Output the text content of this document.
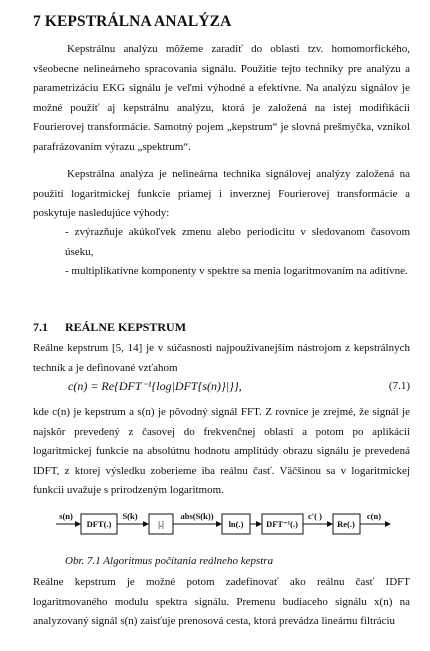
7 KEPSTRÁLNA ANALÝZA
Kepstrálnu analýzu môžeme zaradiť do oblasti tzv. homomorfického, všeobecne nelineárneho spracovania signálu. Použitie tejto techniky pre analýzu a parametrizáciu EKG signálu je veľmi výhodné a efektívne. Na analýzu signálov je možné použiť aj kepstrálnu analýzu, ktorá je založená na istej modifikácii Fourierovej transformácie. Samotný pojem „kepstrum“ je slovná prešmyčka, vznikol parafrázovaním výrazu „spektrum“.
Kepstrálna analýza je nelineárna technika signálovej analýzy založená na použití logaritmickej funkcie priamej i inverznej Fourierovej transformácie a poskytuje nasledujúce výhody:
- zvýrazňuje akúkoľvek zmenu alebo periodicitu v sledovanom časovom úseku,
- multiplikatívne komponenty v spektre sa menia logaritmovaním na aditívne.
7.1 REÁLNE KEPSTRUM
Reálne kepstrum [5, 14] je v súčasnosti najpoužívanejším nástrojom z kepstrálnych techník a je definované vzťahom
c(n) = Re{DFT⁻¹{log|DFT{s(n)}|}},	(7.1)
kde c(n) je kepstrum a s(n) je pôvodný signál FFT. Z rovnice je zrejmé, že signál je najskôr prevedený z časovej do frekvenčnej oblasti a potom po aplikácii logaritmickej funkcie na absolútnu hodnotu amplitúdy obrazu signálu je prevedená IDFT, z ktorej výsledku zoberieme iba reálnu časť. Väčšinou sa v logaritmickej funkcii uvažuje s prirodzeným logaritmom.
DFT(.)	|.|	ln(.)	DFT⁻¹(.)	Re(.)
s(n)	S(k)	abs(S(k))	c'( )	c(n)
Obr. 7.1 Algoritmus počítania reálneho kepstra
Reálne kepstrum je možné potom zadefinovať ako reálnu časť IDFT logaritmovaného modulu spektra signálu. Premenu budiaceho signálu x(n) na analyzovaný signál s(n) zaisťuje prenosová cesta, ktorá prevádza lineárnu filtráciu
